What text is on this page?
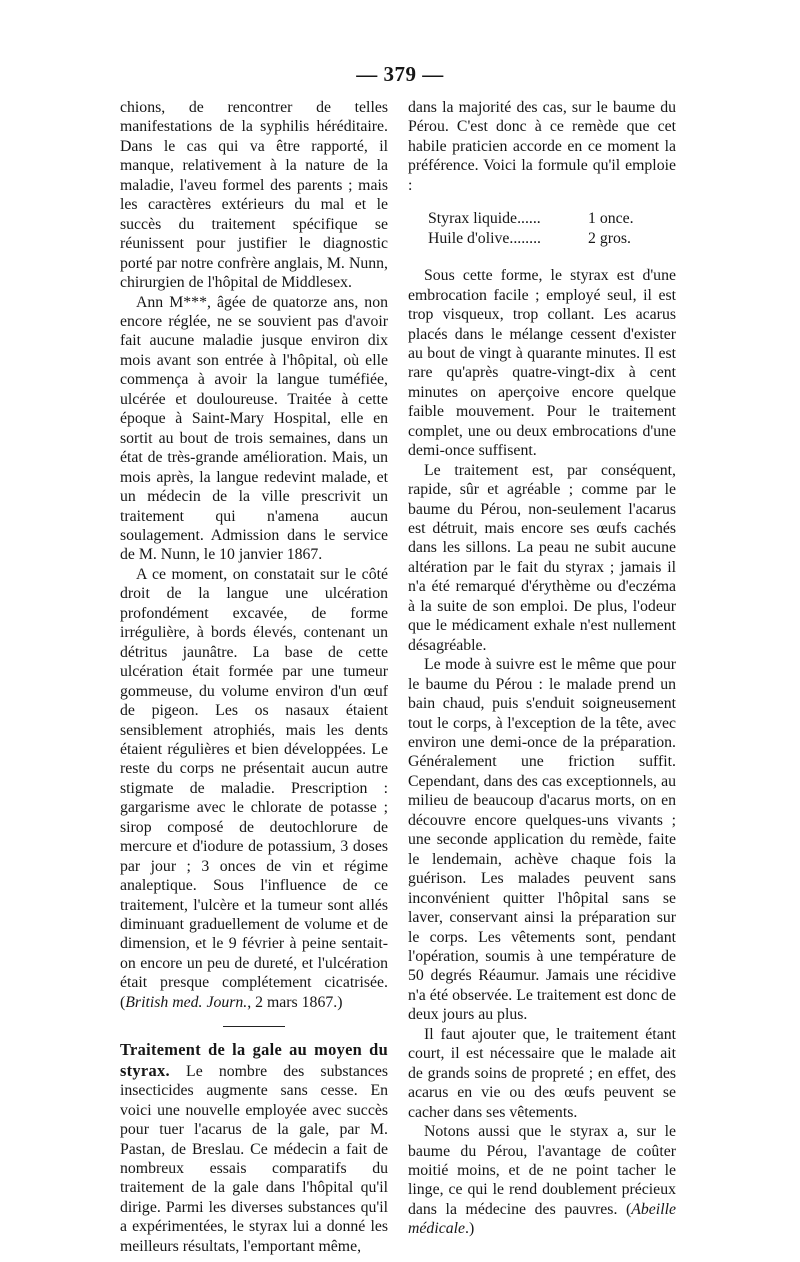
— 379 —

chions, de rencontrer de telles manifestations de la syphilis héréditaire. Dans le cas qui va être rapporté, il manque, relativement à la nature de la maladie, l'aveu formel des parents ; mais les caractères extérieurs du mal et le succès du traitement spécifique se réunissent pour justifier le diagnostic porté par notre confrère anglais, M. Nunn, chirurgien de l'hôpital de Middlesex.

Ann M***, âgée de quatorze ans, non encore réglée, ne se souvient pas d'avoir fait aucune maladie jusque environ dix mois avant son entrée à l'hôpital, où elle commença à avoir la langue tuméfiée, ulcérée et douloureuse. Traitée à cette époque à Saint-Mary Hospital, elle en sortit au bout de trois semaines, dans un état de très-grande amélioration. Mais, un mois après, la langue redevint malade, et un médecin de la ville prescrivit un traitement qui n'amena aucun soulagement. Admission dans le service de M. Nunn, le 10 janvier 1867.

A ce moment, on constatait sur le côté droit de la langue une ulcération profondément excavée, de forme irrégulière, à bords élevés, contenant un détritus jaunâtre. La base de cette ulcération était formée par une tumeur gommeuse, du volume environ d'un œuf de pigeon. Les os nasaux étaient sensiblement atrophiés, mais les dents étaient régulières et bien développées. Le reste du corps ne présentait aucun autre stigmate de maladie. Prescription : gargarisme avec le chlorate de potasse ; sirop composé de deutochlorure de mercure et d'iodure de potassium, 3 doses par jour ; 3 onces de vin et régime analeptique. Sous l'influence de ce traitement, l'ulcère et la tumeur sont allés diminuant graduellement de volume et de dimension, et le 9 février à peine sentait-on encore un peu de dureté, et l'ulcération était presque complétement cicatrisée. (British med. Journ., 2 mars 1867.)

Traitement de la gale au moyen du styrax. Le nombre des substances insecticides augmente sans cesse. En voici une nouvelle employée avec succès pour tuer l'acarus de la gale, par M. Pastan, de Breslau. Ce médecin a fait de nombreux essais comparatifs du traitement de la gale dans l'hôpital qu'il dirige. Parmi les diverses substances qu'il a expérimentées, le styrax lui a donné les meilleurs résultats, l'emportant même,

dans la majorité des cas, sur le baume du Pérou. C'est donc à ce remède que cet habile praticien accorde en ce moment la préférence. Voici la formule qu'il emploie :

Styrax liquide......	1 once.
Huile d'olive........	2 gros.

Sous cette forme, le styrax est d'une embrocation facile ; employé seul, il est trop visqueux, trop collant. Les acarus placés dans le mélange cessent d'exister au bout de vingt à quarante minutes. Il est rare qu'après quatre-vingt-dix à cent minutes on aperçoive encore quelque faible mouvement. Pour le traitement complet, une ou deux embrocations d'une demi-once suffisent.

Le traitement est, par conséquent, rapide, sûr et agréable ; comme par le baume du Pérou, non-seulement l'acarus est détruit, mais encore ses œufs cachés dans les sillons. La peau ne subit aucune altération par le fait du styrax ; jamais il n'a été remarqué d'érythème ou d'eczéma à la suite de son emploi. De plus, l'odeur que le médicament exhale n'est nullement désagréable.

Le mode à suivre est le même que pour le baume du Pérou : le malade prend un bain chaud, puis s'enduit soigneusement tout le corps, à l'exception de la tête, avec environ une demi-once de la préparation. Généralement une friction suffit. Cependant, dans des cas exceptionnels, au milieu de beaucoup d'acarus morts, on en découvre encore quelques-uns vivants ; une seconde application du remède, faite le lendemain, achève chaque fois la guérison. Les malades peuvent sans inconvénient quitter l'hôpital sans se laver, conservant ainsi la préparation sur le corps. Les vêtements sont, pendant l'opération, soumis à une température de 50 degrés Réaumur. Jamais une récidive n'a été observée. Le traitement est donc de deux jours au plus.

Il faut ajouter que, le traitement étant court, il est nécessaire que le malade ait de grands soins de propreté ; en effet, des acarus en vie ou des œufs peuvent se cacher dans ses vêtements.

Notons aussi que le styrax a, sur le baume du Pérou, l'avantage de coûter moitié moins, et de ne point tacher le linge, ce qui le rend doublement précieux dans la médecine des pauvres. (Abeille médicale.)
